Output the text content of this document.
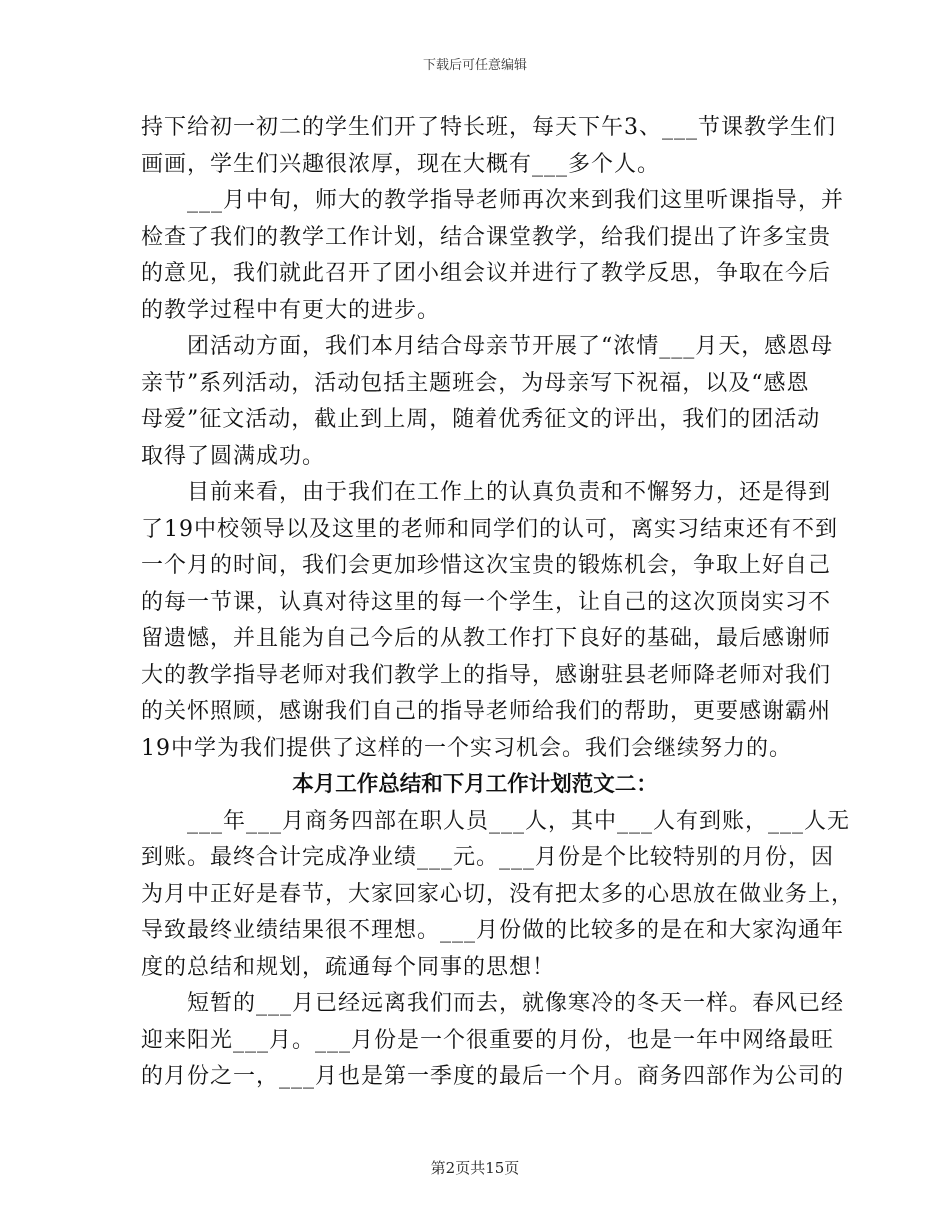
下载后可任意编辑
持下给初一初二的学生们开了特长班，每天下午3、___节课教学生们
画画，学生们兴趣很浓厚，现在大概有___多个人。
___月中旬，师大的教学指导老师再次来到我们这里听课指导，并
检查了我们的教学工作计划，结合课堂教学，给我们提出了许多宝贵
的意见，我们就此召开了团小组会议并进行了教学反思，争取在今后
的教学过程中有更大的进步。
团活动方面，我们本月结合母亲节开展了“浓情___月天，感恩母
亲节”系列活动，活动包括主题班会，为母亲写下祝福，以及“感恩
母爱”征文活动，截止到上周，随着优秀征文的评出，我们的团活动
取得了圆满成功。
目前来看，由于我们在工作上的认真负责和不懈努力，还是得到
了19中校领导以及这里的老师和同学们的认可，离实习结束还有不到
一个月的时间，我们会更加珍惜这次宝贵的锻炼机会，争取上好自己
的每一节课，认真对待这里的每一个学生，让自己的这次顶岗实习不
留遗憾，并且能为自己今后的从教工作打下良好的基础，最后感谢师
大的教学指导老师对我们教学上的指导，感谢驻县老师降老师对我们
的关怀照顾，感谢我们自己的指导老师给我们的帮助，更要感谢霸州
19中学为我们提供了这样的一个实习机会。我们会继续努力的。
本月工作总结和下月工作计划范文二：
___年___月商务四部在职人员___人，其中___人有到账，___人无
到账。最终合计完成净业绩___元。___月份是个比较特别的月份，因
为月中正好是春节，大家回家心切，没有把太多的心思放在做业务上，
导致最终业绩结果很不理想。___月份做的比较多的是在和大家沟通年
度的总结和规划，疏通每个同事的思想！
短暂的___月已经远离我们而去，就像寒冷的冬天一样。春风已经
迎来阳光___月。___月份是一个很重要的月份，也是一年中网络最旺
的月份之一，___月也是第一季度的最后一个月。商务四部作为公司的
第2页共15页
